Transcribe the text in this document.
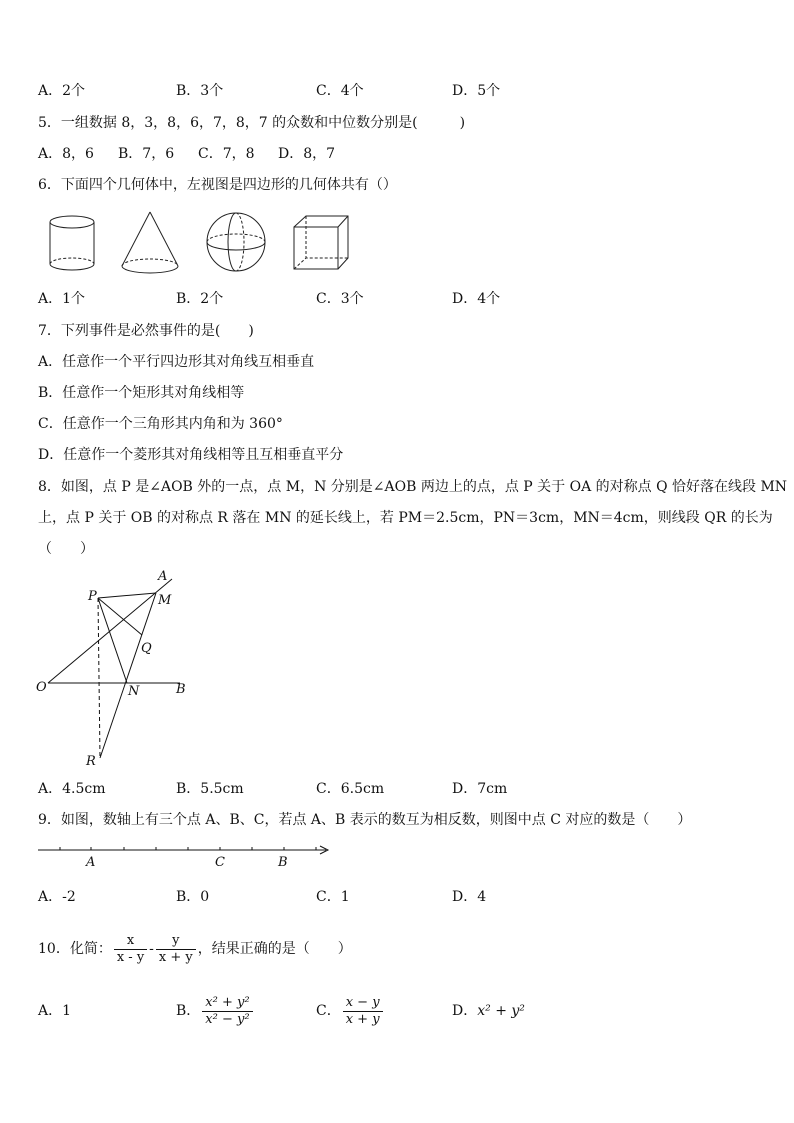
A．2个	B．3个	C．4个	D．5个
5．一组数据 8，3，8，6，7，8，7 的众数和中位数分别是(　　　)
A．8，6 B．7，6 C．7，8 D．8，7
6．下面四个几何体中，左视图是四边形的几何体共有（）
A．1个	B．2个	C．3个	D．4个
7．下列事件是必然事件的是(　　)
A．任意作一个平行四边形其对角线互相垂直
B．任意作一个矩形其对角线相等
C．任意作一个三角形其内角和为 360°
D．任意作一个菱形其对角线相等且互相垂直平分
8．如图，点 P 是∠AOB 外的一点，点 M，N 分别是∠AOB 两边上的点，点 P 关于 OA 的对称点 Q 恰好落在线段 MN
上，点 P 关于 OB 的对称点 R 落在 MN 的延长线上，若 PM＝2.5cm，PN＝3cm，MN＝4cm，则线段 QR 的长为
（　　）
A
M
P
Q
O	N	B
R
A．4.5cm	B．5.5cm	C．6.5cm	D．7cm
9．如图，数轴上有三个点 A、B、C，若点 A、B 表示的数互为相反数，则图中点 C 对应的数是（　　）
A	C	B
A．-2	B．0	C．1	D．4
10．化简： $\frac{x}{x - y} - \frac{y}{x + y}$ ，结果正确的是（　　）
A．1	B． $\frac{\text{x² + y²}}{\text{x² − y²}}$	C． $\frac{x - y}{x + y}$	D．x² + y²
